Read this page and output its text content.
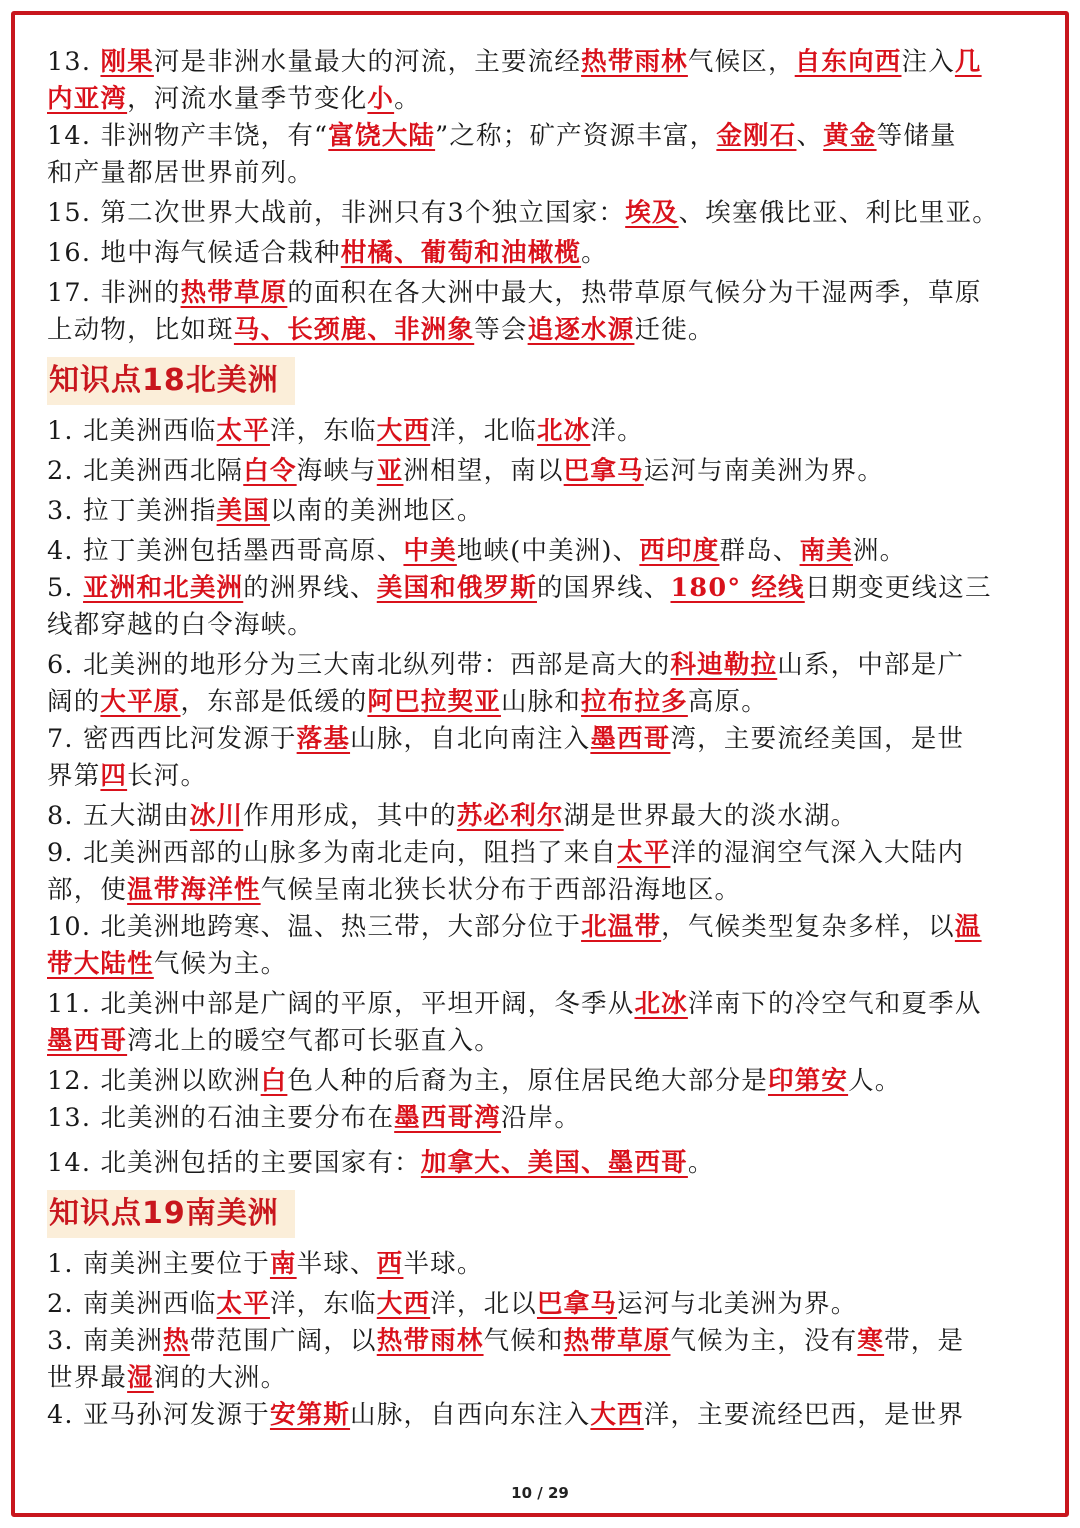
13. 刚果河是非洲水量最大的河流，主要流经热带雨林气候区，自东向西注入几
内亚湾，河流水量季节变化小。
14. 非洲物产丰饶，有“富饶大陆”之称；矿产资源丰富，金刚石、黄金等储量
和产量都居世界前列。
15. 第二次世界大战前，非洲只有3个独立国家：埃及、埃塞俄比亚、利比里亚。
16. 地中海气候适合栽种柑橘、葡萄和油橄榄。
17. 非洲的热带草原的面积在各大洲中最大，热带草原气候分为干湿两季，草原
上动物，比如斑马、长颈鹿、非洲象等会追逐水源迁徙。
知识点18北美洲
1. 北美洲西临太平洋，东临大西洋，北临北冰洋。
2. 北美洲西北隔白令海峡与亚洲相望，南以巴拿马运河与南美洲为界。
3. 拉丁美洲指美国以南的美洲地区。
4. 拉丁美洲包括墨西哥高原、中美地峡(中美洲)、西印度群岛、南美洲。
5. 亚洲和北美洲的洲界线、美国和俄罗斯的国界线、180° 经线日期变更线这三
线都穿越的白令海峡。
6. 北美洲的地形分为三大南北纵列带：西部是高大的科迪勒拉山系，中部是广
阔的大平原，东部是低缓的阿巴拉契亚山脉和拉布拉多高原。
7. 密西西比河发源于落基山脉，自北向南注入墨西哥湾，主要流经美国，是世
界第四长河。
8. 五大湖由冰川作用形成，其中的苏必利尔湖是世界最大的淡水湖。
9. 北美洲西部的山脉多为南北走向，阻挡了来自太平洋的湿润空气深入大陆内
部，使温带海洋性气候呈南北狭长状分布于西部沿海地区。
10. 北美洲地跨寒、温、热三带，大部分位于北温带，气候类型复杂多样，以温
带大陆性气候为主。
11. 北美洲中部是广阔的平原，平坦开阔，冬季从北冰洋南下的冷空气和夏季从
墨西哥湾北上的暖空气都可长驱直入。
12. 北美洲以欧洲白色人种的后裔为主，原住居民绝大部分是印第安人。
13. 北美洲的石油主要分布在墨西哥湾沿岸。
14. 北美洲包括的主要国家有：加拿大、美国、墨西哥。
知识点19南美洲
1. 南美洲主要位于南半球、西半球。
2. 南美洲西临太平洋，东临大西洋，北以巴拿马运河与北美洲为界。
3. 南美洲热带范围广阔，以热带雨林气候和热带草原气候为主，没有寒带，是
世界最湿润的大洲。
4. 亚马孙河发源于安第斯山脉，自西向东注入大西洋，主要流经巴西，是世界
10 / 29
